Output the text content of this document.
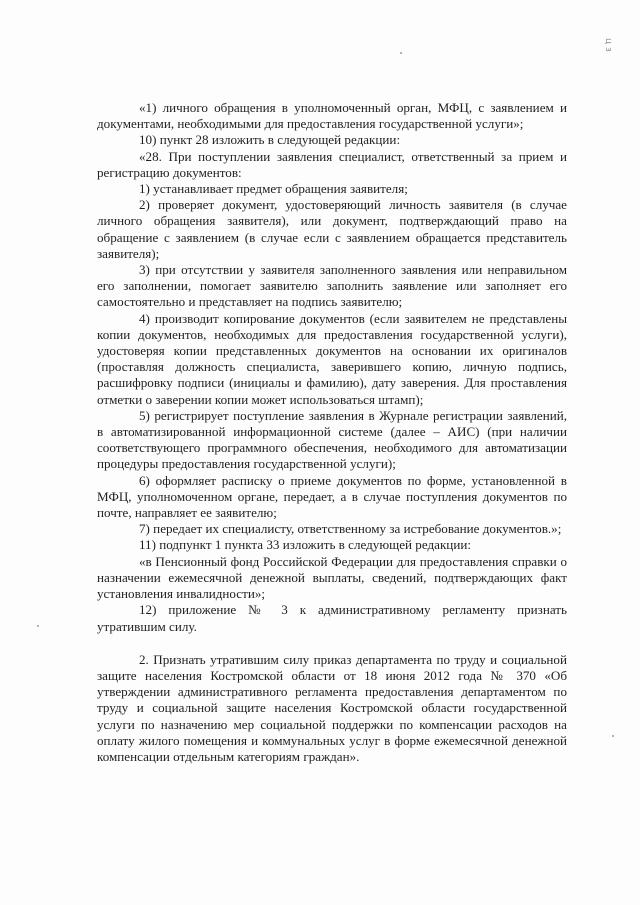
ц з

«1) личного обращения в уполномоченный орган, МФЦ, с заявлением и документами, необходимыми для предоставления государственной услуги»;

10) пункт 28 изложить в следующей редакции:

«28. При поступлении заявления специалист, ответственный за прием и регистрацию документов:

1) устанавливает предмет обращения заявителя;

2) проверяет документ, удостоверяющий личность заявителя (в случае личного обращения заявителя), или документ, подтверждающий право на обращение с заявлением (в случае если с заявлением обращается представитель заявителя);

3) при отсутствии у заявителя заполненного заявления или неправильном его заполнении, помогает заявителю заполнить заявление или заполняет его самостоятельно и представляет на подпись заявителю;

4) производит копирование документов (если заявителем не представлены копии документов, необходимых для предоставления государственной услуги), удостоверяя копии представленных документов на основании их оригиналов (проставляя должность специалиста, заверившего копию, личную подпись, расшифровку подписи (инициалы и фамилию), дату заверения. Для проставления отметки о заверении копии может использоваться штамп);

5) регистрирует поступление заявления в Журнале регистрации заявлений, в автоматизированной информационной системе (далее – АИС) (при наличии соответствующего программного обеспечения, необходимого для автоматизации процедуры предоставления государственной услуги);

6) оформляет расписку о приеме документов по форме, установленной в МФЦ, уполномоченном органе, передает, а в случае поступления документов по почте, направляет ее заявителю;

7) передает их специалисту, ответственному за истребование документов.»;

11) подпункт 1 пункта 33 изложить в следующей редакции:

«в Пенсионный фонд Российской Федерации для предоставления справки о назначении ежемесячной денежной выплаты, сведений, подтверждающих факт установления инвалидности»;

12) приложение № 3 к административному регламенту признать утратившим силу.

2. Признать утратившим силу приказ департамента по труду и социальной защите населения Костромской области от 18 июня 2012 года № 370 «Об утверждении административного регламента предоставления департаментом по труду и социальной защите населения Костромской области государственной услуги по назначению мер социальной поддержки по компенсации расходов на оплату жилого помещения и коммунальных услуг в форме ежемесячной денежной компенсации отдельным категориям граждан».
